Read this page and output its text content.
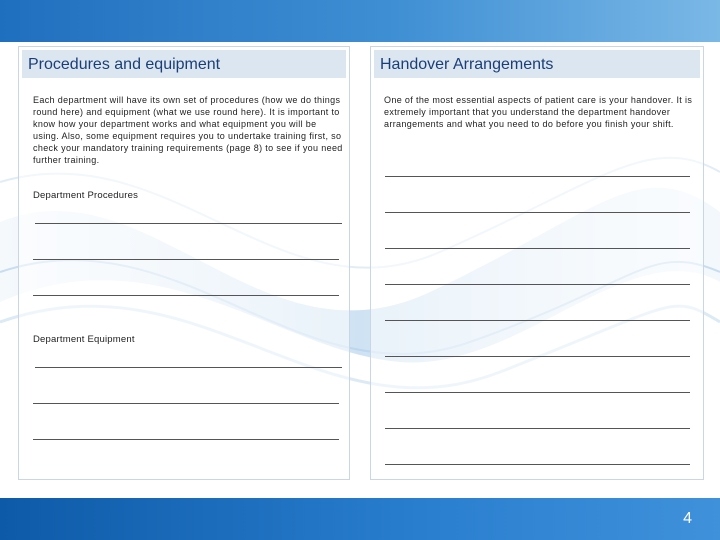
Procedures and equipment
Each department will have its own set of procedures (how we do things round here) and equipment (what we use round here). It is important to know how your department works and what equipment you will be using. Also, some equipment requires you to undertake training first, so check your mandatory training requirements (page 8) to see if you need further training.
Department Procedures
Department Equipment
Handover Arrangements
One of the most essential aspects of patient care is your handover. It is extremely important that you understand the department handover arrangements and what you need to do before you finish your shift.
4
